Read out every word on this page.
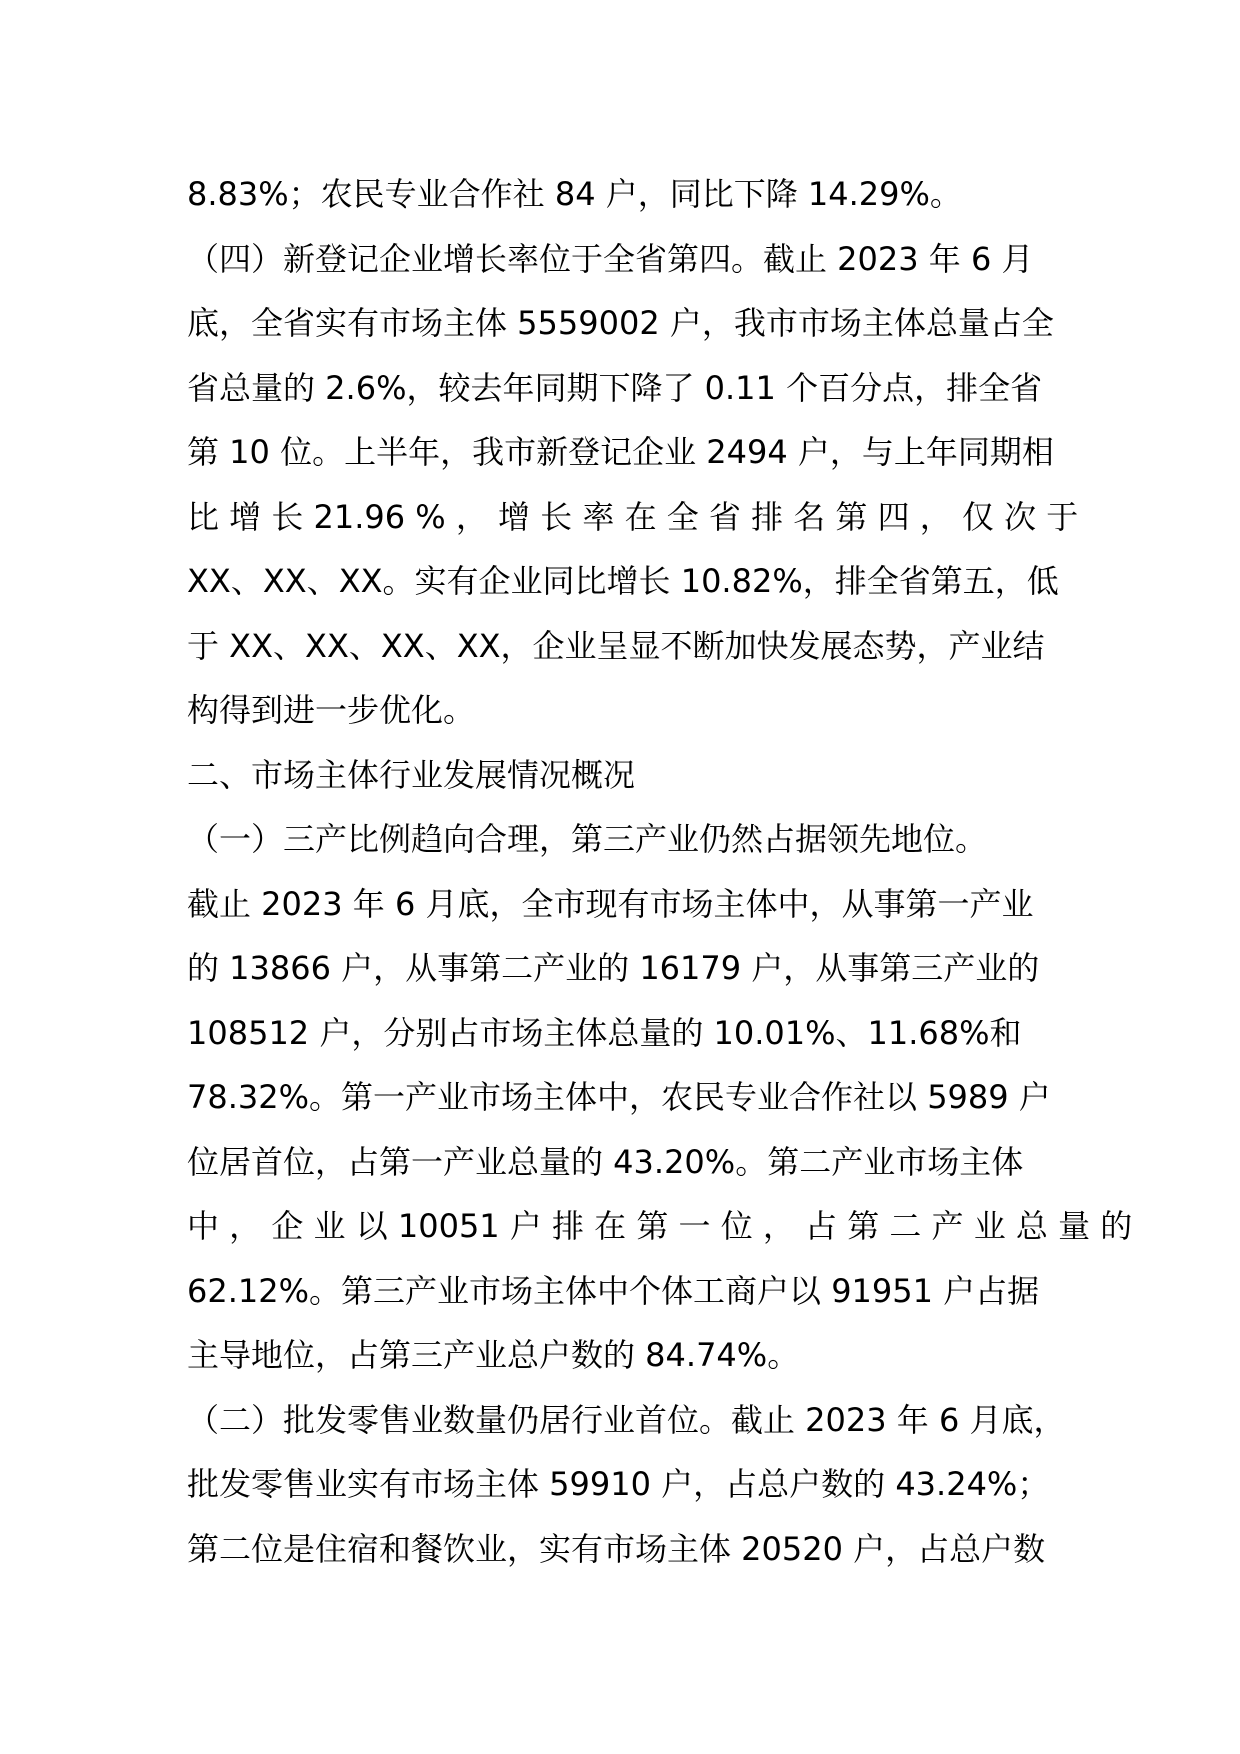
8.83%；农民专业合作社 84 户，同比下降 14.29%。
（四）新登记企业增长率位于全省第四。截止 2023 年 6 月
底，全省实有市场主体 5559002 户，我市市场主体总量占全
省总量的 2.6%，较去年同期下降了 0.11 个百分点，排全省
第 10 位。上半年，我市新登记企业 2494 户，与上年同期相
比 增 长 21.96 % ， 增 长 率 在 全 省 排 名 第 四 ， 仅 次 于
XX、XX、XX。实有企业同比增长 10.82%，排全省第五，低
于 XX、XX、XX、XX，企业呈显不断加快发展态势，产业结
构得到进一步优化。
二、市场主体行业发展情况概况
（一）三产比例趋向合理，第三产业仍然占据领先地位。
截止 2023 年 6 月底，全市现有市场主体中，从事第一产业
的 13866 户，从事第二产业的 16179 户，从事第三产业的
108512 户，分别占市场主体总量的 10.01%、11.68%和
78.32%。第一产业市场主体中，农民专业合作社以 5989 户
位居首位，占第一产业总量的 43.20%。第二产业市场主体
中 ， 企 业 以 10051 户 排 在 第 一 位 ， 占 第 二 产 业 总 量 的
62.12%。第三产业市场主体中个体工商户以 91951 户占据
主导地位，占第三产业总户数的 84.74%。
（二）批发零售业数量仍居行业首位。截止 2023 年 6 月底，
批发零售业实有市场主体 59910 户，占总户数的 43.24%；
第二位是住宿和餐饮业，实有市场主体 20520 户，占总户数
